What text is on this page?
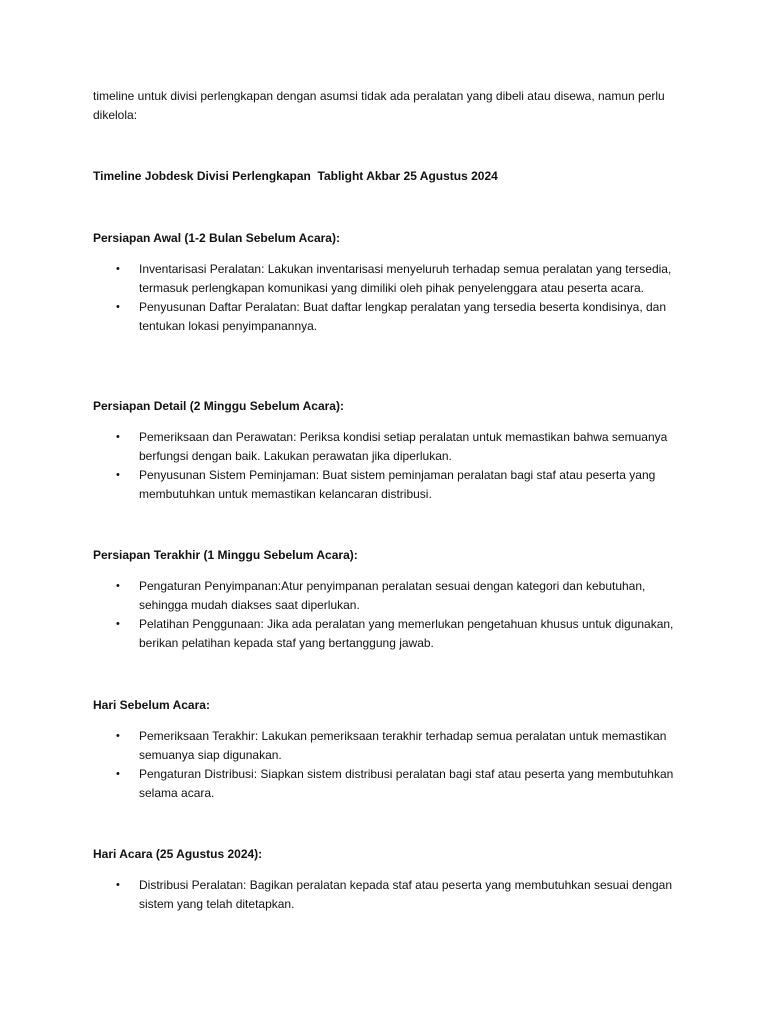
timeline untuk divisi perlengkapan dengan asumsi tidak ada peralatan yang dibeli atau disewa, namun perlu dikelola:

Timeline Jobdesk Divisi Perlengkapan  Tablight Akbar 25 Agustus 2024

Persiapan Awal (1-2 Bulan Sebelum Acara):

• Inventarisasi Peralatan: Lakukan inventarisasi menyeluruh terhadap semua peralatan yang tersedia, termasuk perlengkapan komunikasi yang dimiliki oleh pihak penyelenggara atau peserta acara.
• Penyusunan Daftar Peralatan: Buat daftar lengkap peralatan yang tersedia beserta kondisinya, dan tentukan lokasi penyimpanannya.

Persiapan Detail (2 Minggu Sebelum Acara):

• Pemeriksaan dan Perawatan: Periksa kondisi setiap peralatan untuk memastikan bahwa semuanya berfungsi dengan baik. Lakukan perawatan jika diperlukan.
• Penyusunan Sistem Peminjaman: Buat sistem peminjaman peralatan bagi staf atau peserta yang membutuhkan untuk memastikan kelancaran distribusi.

Persiapan Terakhir (1 Minggu Sebelum Acara):

• Pengaturan Penyimpanan:Atur penyimpanan peralatan sesuai dengan kategori dan kebutuhan, sehingga mudah diakses saat diperlukan.
• Pelatihan Penggunaan: Jika ada peralatan yang memerlukan pengetahuan khusus untuk digunakan, berikan pelatihan kepada staf yang bertanggung jawab.

Hari Sebelum Acara:

• Pemeriksaan Terakhir: Lakukan pemeriksaan terakhir terhadap semua peralatan untuk memastikan semuanya siap digunakan.
• Pengaturan Distribusi: Siapkan sistem distribusi peralatan bagi staf atau peserta yang membutuhkan selama acara.

Hari Acara (25 Agustus 2024):

• Distribusi Peralatan: Bagikan peralatan kepada staf atau peserta yang membutuhkan sesuai dengan sistem yang telah ditetapkan.
